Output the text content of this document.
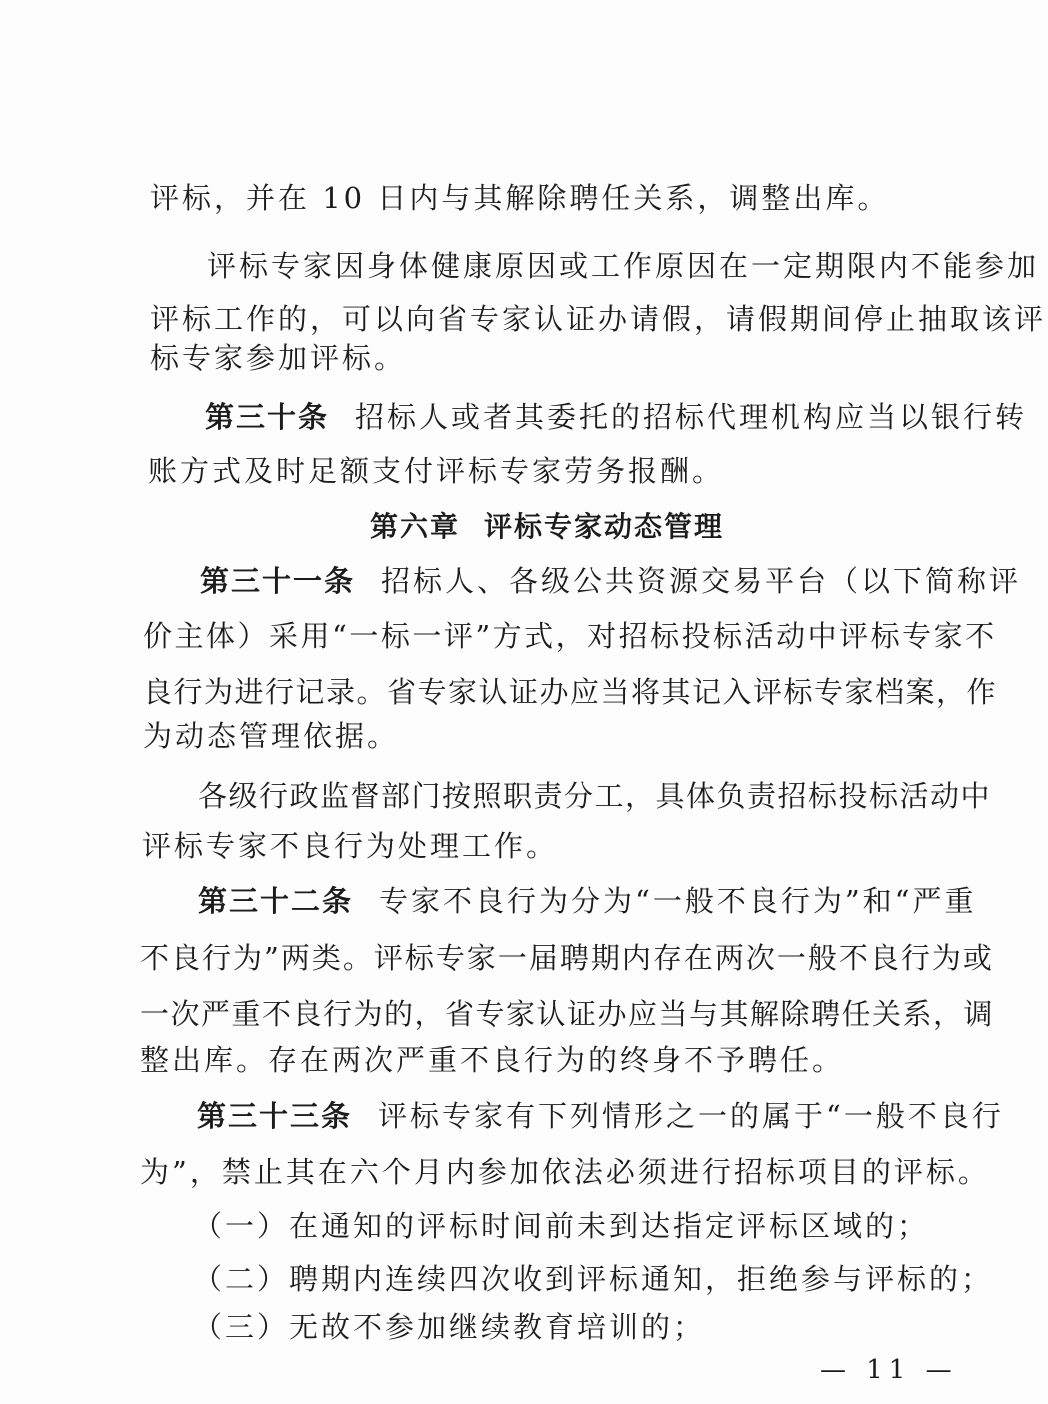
评标，并在 10 日内与其解除聘任关系，调整出库。
评标专家因身体健康原因或工作原因在一定期限内不能参加
评标工作的，可以向省专家认证办请假，请假期间停止抽取该评
标专家参加评标。
第三十条 招标人或者其委托的招标代理机构应当以银行转
账方式及时足额支付评标专家劳务报酬。
第六章 评标专家动态管理
第三十一条 招标人、各级公共资源交易平台（以下简称评
价主体）采用“一标一评”方式，对招标投标活动中评标专家不
良行为进行记录。省专家认证办应当将其记入评标专家档案，作
为动态管理依据。
各级行政监督部门按照职责分工，具体负责招标投标活动中
评标专家不良行为处理工作。
第三十二条 专家不良行为分为“一般不良行为”和“严重
不良行为”两类。评标专家一届聘期内存在两次一般不良行为或
一次严重不良行为的，省专家认证办应当与其解除聘任关系，调
整出库。存在两次严重不良行为的终身不予聘任。
第三十三条 评标专家有下列情形之一的属于“一般不良行
为”，禁止其在六个月内参加依法必须进行招标项目的评标。
（一）在通知的评标时间前未到达指定评标区域的；
（二）聘期内连续四次收到评标通知，拒绝参与评标的；
（三）无故不参加继续教育培训的；
— 11 —
